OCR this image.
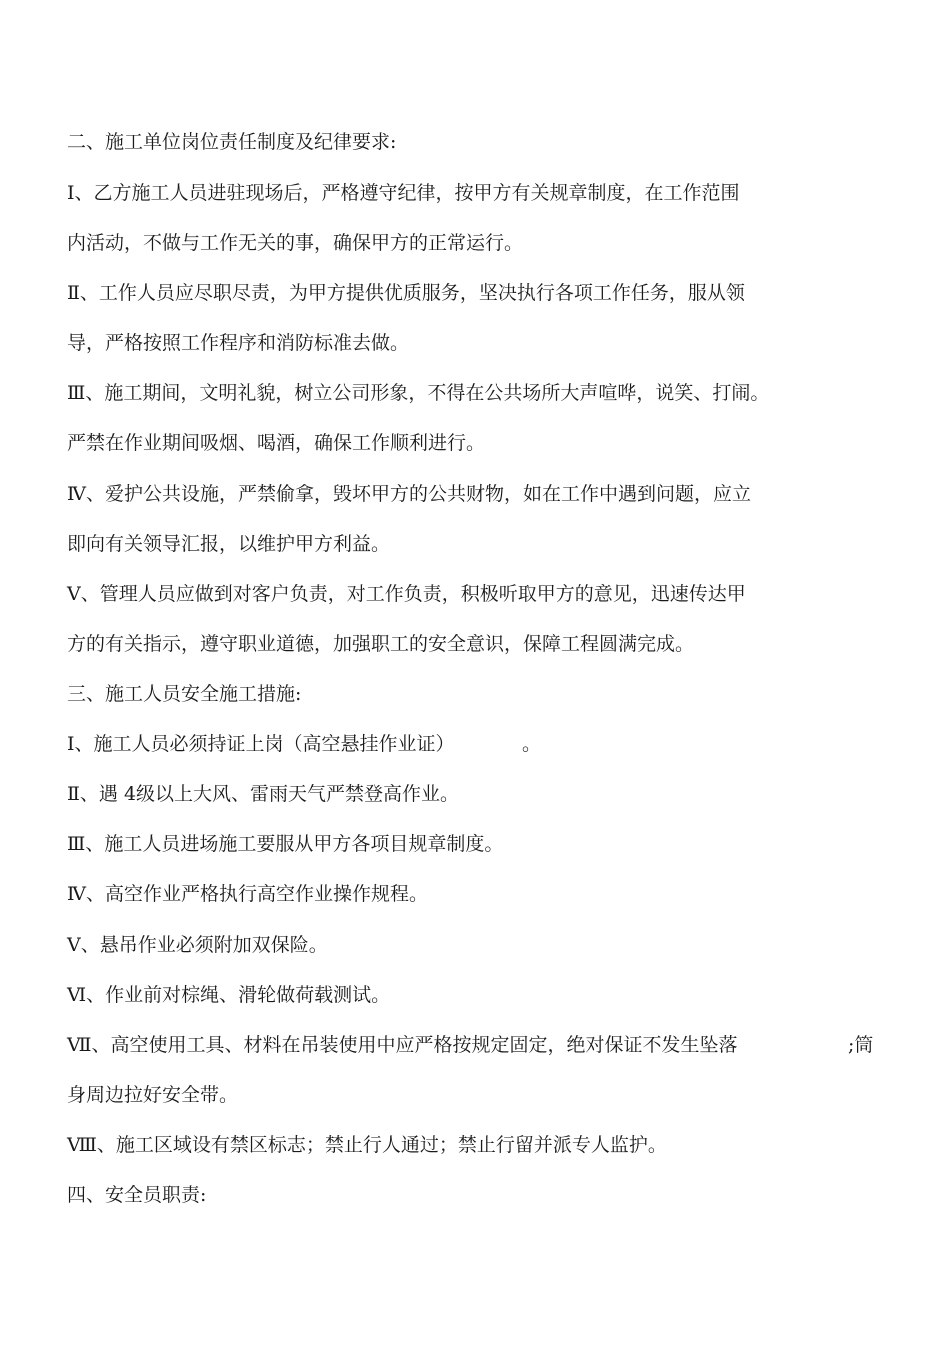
二、施工单位岗位责任制度及纪律要求:
Ⅰ、乙方施工人员进驻现场后，严格遵守纪律，按甲方有关规章制度，在工作范围
内活动，不做与工作无关的事，确保甲方的正常运行。
Ⅱ、工作人员应尽职尽责，为甲方提供优质服务，坚决执行各项工作任务，服从领
导，严格按照工作程序和消防标准去做。
Ⅲ、施工期间，文明礼貌，树立公司形象，不得在公共场所大声喧哗，说笑、打闹。
严禁在作业期间吸烟、喝酒，确保工作顺利进行。
Ⅳ、爱护公共设施，严禁偷拿，毁坏甲方的公共财物，如在工作中遇到问题，应立
即向有关领导汇报，以维护甲方利益。
Ⅴ、管理人员应做到对客户负责，对工作负责，积极听取甲方的意见，迅速传达甲
方的有关指示，遵守职业道德，加强职工的安全意识，保障工程圆满完成。
三、施工人员安全施工措施:
Ⅰ、施工人员必须持证上岗（高空悬挂作业证）	。
Ⅱ、遇 4级以上大风、雷雨天气严禁登高作业。
Ⅲ、施工人员进场施工要服从甲方各项目规章制度。
Ⅳ、高空作业严格执行高空作业操作规程。
Ⅴ、悬吊作业必须附加双保险。
Ⅵ、作业前对棕绳、滑轮做荷载测试。
Ⅶ、高空使用工具、材料在吊装使用中应严格按规定固定，绝对保证不发生坠落	;筒
身周边拉好安全带。
Ⅷ、施工区域设有禁区标志；禁止行人通过；禁止行留并派专人监护。
四、安全员职责:
